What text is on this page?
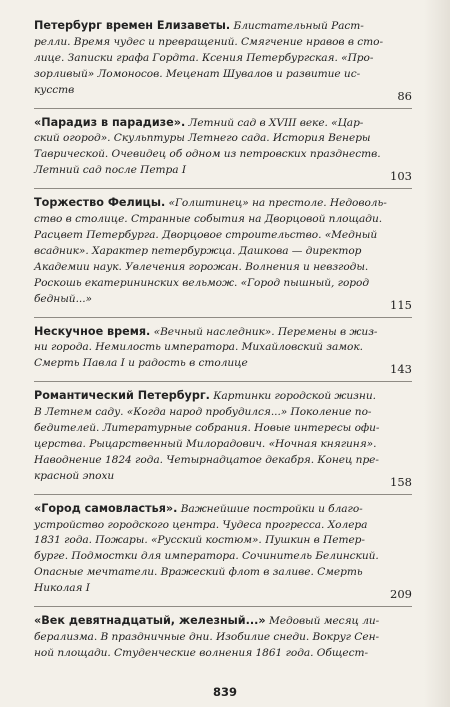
Петербург времен Елизаветы. Блистательный Раст-
релли. Время чудес и превращений. Смягчение нравов в сто-
лице. Записки графа Гордта. Ксения Петербургская. «Про-
зорливый» Ломоносов. Меценат Шувалов и развитие ис-
кусств	86
«Парадиз в парадизе». Летний сад в XVIII веке. «Цар-
ский огород». Скульптуры Летнего сада. История Венеры
Таврической. Очевидец об одном из петровских празднеств.
Летний сад после Петра I	103
Торжество Фелицы. «Голштинец» на престоле. Недоволь-
ство в столице. Странные события на Дворцовой площади.
Расцвет Петербурга. Дворцовое строительство. «Медный
всадник». Характер петербуржца. Дашкова — директор
Академии наук. Увлечения горожан. Волнения и невзгоды.
Роскошь екатерининских вельмож. «Город пышный, город
бедный...»	115
Нескучное время. «Вечный наследник». Перемены в жиз-
ни города. Немилость императора. Михайловский замок.
Смерть Павла I и радость в столице	143
Романтический Петербург. Картинки городской жизни.
В Летнем саду. «Когда народ пробудился...» Поколение по-
бедителей. Литературные собрания. Новые интересы офи-
церства. Рыцарственный Милорадович. «Ночная княгиня».
Наводнение 1824 года. Четырнадцатое декабря. Конец пре-
красной эпохи	158
«Город самовластья». Важнейшие постройки и благо-
устройство городского центра. Чудеса прогресса. Холера
1831 года. Пожары. «Русский костюм». Пушкин в Петер-
бурге. Подмостки для императора. Сочинитель Белинский.
Опасные мечтатели. Вражеский флот в заливе. Смерть
Николая I	209
«Век девятнадцатый, железный...» Медовый месяц ли-
берализма. В праздничные дни. Изобилие снеди. Вокруг Сен-
ной площади. Студенческие волнения 1861 года. Общест-
839
